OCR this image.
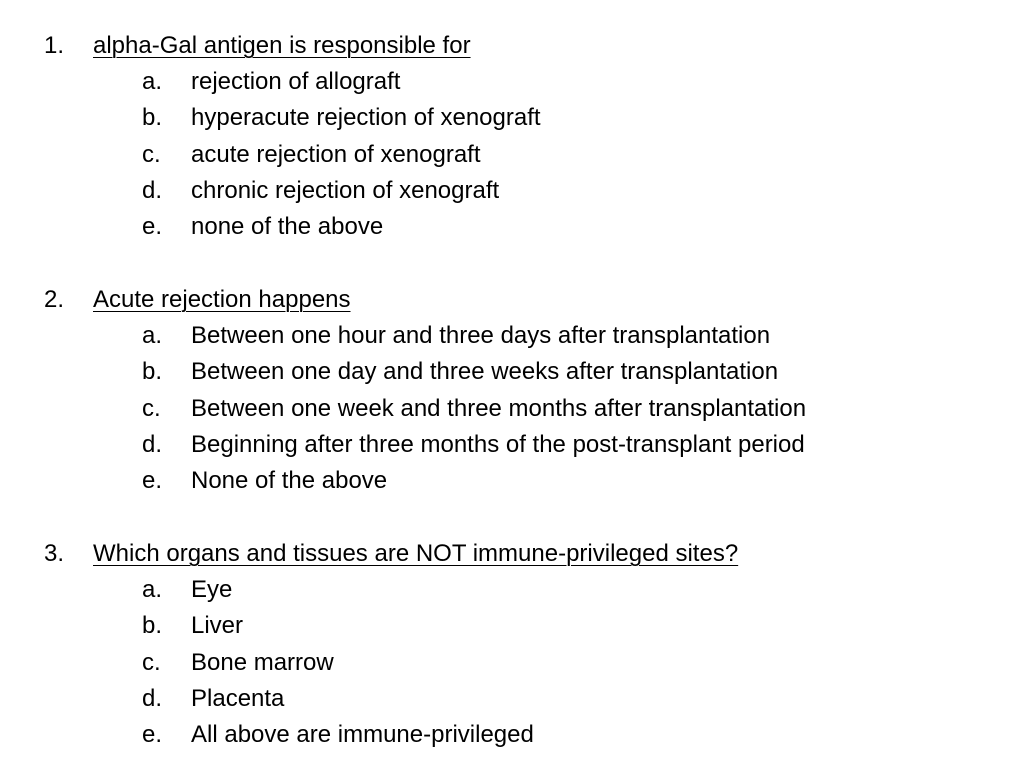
1. alpha-Gal antigen is responsible for
a. rejection of allograft
b. hyperacute rejection of xenograft
c. acute rejection of xenograft
d. chronic rejection of xenograft
e. none of the above
2. Acute rejection happens
a. Between one hour and three days after transplantation
b. Between one day and three weeks after transplantation
c. Between one week and three months after transplantation
d. Beginning after three months of the post-transplant period
e. None of the above
3. Which organs and tissues are NOT immune-privileged sites?
a. Eye
b. Liver
c. Bone marrow
d. Placenta
e. All above are immune-privileged
